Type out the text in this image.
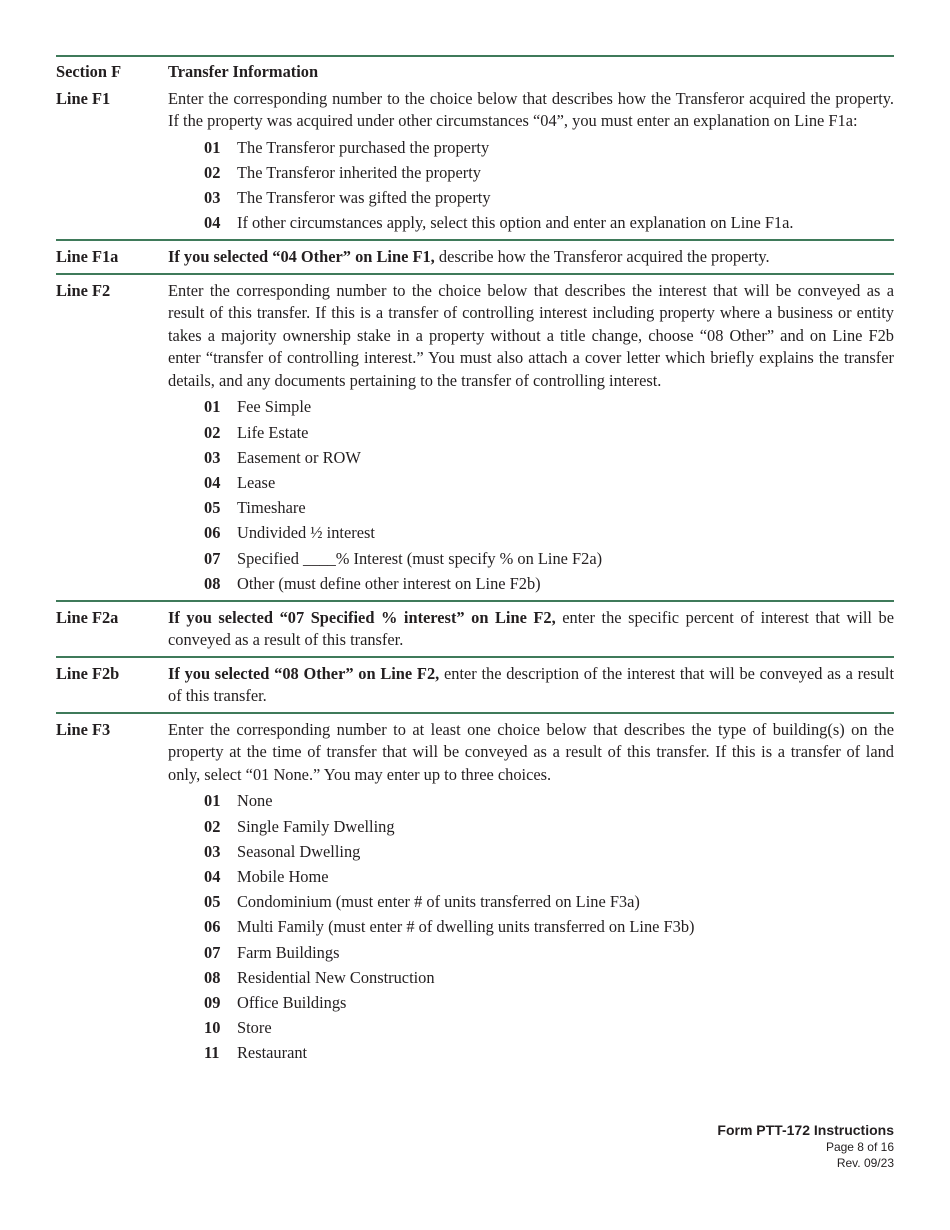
Section F	Transfer Information
Line F1	Enter the corresponding number to the choice below that describes how the Transferor acquired the property. If the property was acquired under other circumstances “04”, you must enter an explanation on Line F1a:

01	The Transferor purchased the property
02	The Transferor inherited the property
03	The Transferor was gifted the property
04	If other circumstances apply, select this option and enter an explanation on Line F1a.
Line F1a	If you selected “04 Other” on Line F1, describe how the Transferor acquired the property.

Line F2	Enter the corresponding number to the choice below that describes the interest that will be conveyed as a result of this transfer. If this is a transfer of controlling interest including property where a business or entity takes a majority ownership stake in a property without a title change, choose “08 Other” and on Line F2b enter “transfer of controlling interest.” You must also attach a cover letter which briefly explains the transfer details, and any documents pertaining to the transfer of controlling interest.

01	Fee Simple
02	Life Estate
03	Easement or ROW
04	Lease
05	Timeshare
06	Undivided ½ interest
07	Specified ____% Interest (must specify % on Line F2a)
08	Other (must define other interest on Line F2b)
Line F2a	If you selected “07 Specified % interest” on Line F2, enter the specific percent of interest that will be conveyed as a result of this transfer.

Line F2b	If you selected “08 Other” on Line F2, enter the description of the interest that will be conveyed as a result of this transfer.

Line F3	Enter the corresponding number to at least one choice below that describes the type of building(s) on the property at the time of transfer that will be conveyed as a result of this transfer. If this is a transfer of land only, select “01 None.” You may enter up to three choices.

01	None
02	Single Family Dwelling
03	Seasonal Dwelling
04	Mobile Home
05	Condominium (must enter # of units transferred on Line F3a)
06	Multi Family (must enter # of dwelling units transferred on Line F3b)
07	Farm Buildings
08	Residential New Construction
09	Office Buildings
10	Store
11	Restaurant
Form PTT-172 Instructions
Page 8 of 16
Rev. 09/23
